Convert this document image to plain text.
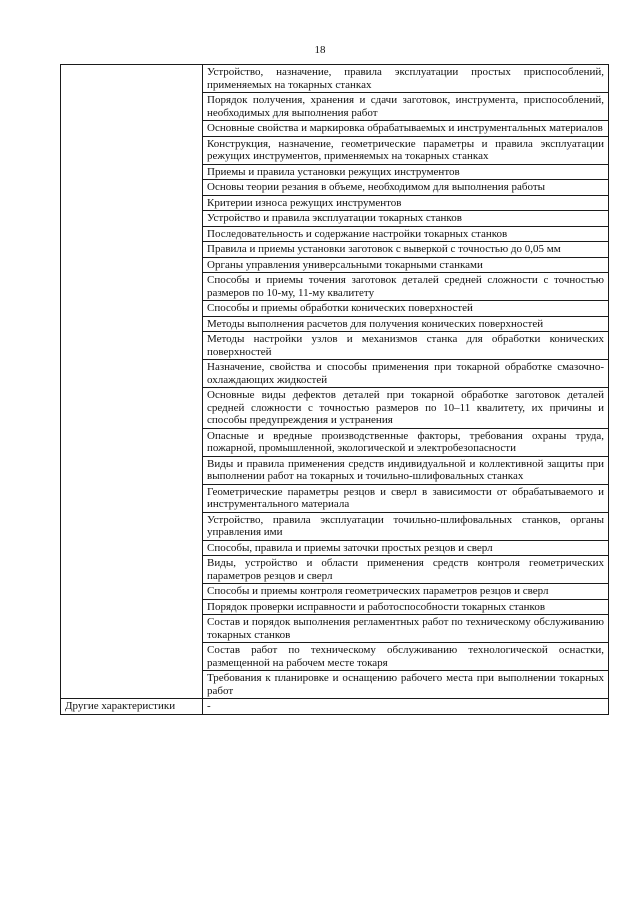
18
	Устройство, назначение, правила эксплуатации простых приспособлений, применяемых на токарных станках
	Порядок получения, хранения и сдачи заготовок, инструмента, приспособлений, необходимых для выполнения работ
	Основные свойства и маркировка обрабатываемых и инструментальных материалов
	Конструкция, назначение, геометрические параметры и правила эксплуатации режущих инструментов, применяемых на токарных станках
	Приемы и правила установки режущих инструментов
	Основы теории резания в объеме, необходимом для выполнения работы
	Критерии износа режущих инструментов
	Устройство и правила эксплуатации токарных станков
	Последовательность и содержание настройки токарных станков
	Правила и приемы установки заготовок с выверкой с точностью до 0,05 мм
	Органы управления универсальными токарными станками
	Способы и приемы точения заготовок деталей средней сложности с точностью размеров по 10-му, 11-му квалитету
	Способы и приемы обработки конических поверхностей
	Методы выполнения расчетов для получения конических поверхностей
	Методы настройки узлов и механизмов станка для обработки конических поверхностей
	Назначение, свойства и способы применения при токарной обработке смазочно-охлаждающих жидкостей
	Основные виды дефектов деталей при токарной обработке заготовок деталей средней сложности с точностью размеров по 10–11 квалитету, их причины и способы предупреждения и устранения
	Опасные и вредные производственные факторы, требования охраны труда, пожарной, промышленной, экологической и электробезопасности
	Виды и правила применения средств индивидуальной и коллективной защиты при выполнении работ на токарных и точильно-шлифовальных станках
	Геометрические параметры резцов и сверл в зависимости от обрабатываемого и инструментального материала
	Устройство, правила эксплуатации точильно-шлифовальных станков, органы управления ими
	Способы, правила и приемы заточки простых резцов и сверл
	Виды, устройство и области применения средств контроля геометрических параметров резцов и сверл
	Способы и приемы контроля геометрических параметров резцов и сверл
	Порядок проверки исправности и работоспособности токарных станков
	Состав и порядок выполнения регламентных работ по техническому обслуживанию токарных станков
	Состав работ по техническому обслуживанию технологической оснастки, размещенной на рабочем месте токаря
	Требования к планировке и оснащению рабочего места при выполнении токарных работ
Другие характеристики	-
